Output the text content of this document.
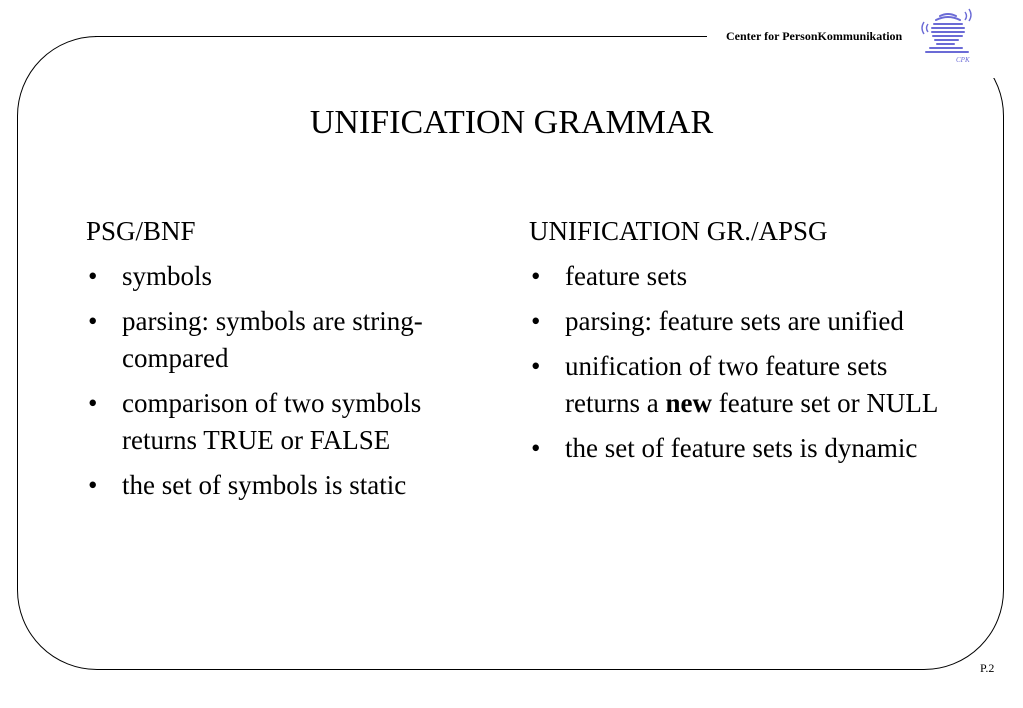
Center for PersonKommunikation
CPK
UNIFICATION GRAMMAR
PSG/BNF
• symbols
• parsing: symbols are string-compared
• comparison of two symbols returns TRUE or FALSE
• the set of symbols is static
UNIFICATION GR./APSG
• feature sets
• parsing: feature sets are unified
• unification of two feature sets returns a new feature set or NULL
• the set of feature sets is dynamic
P.2
